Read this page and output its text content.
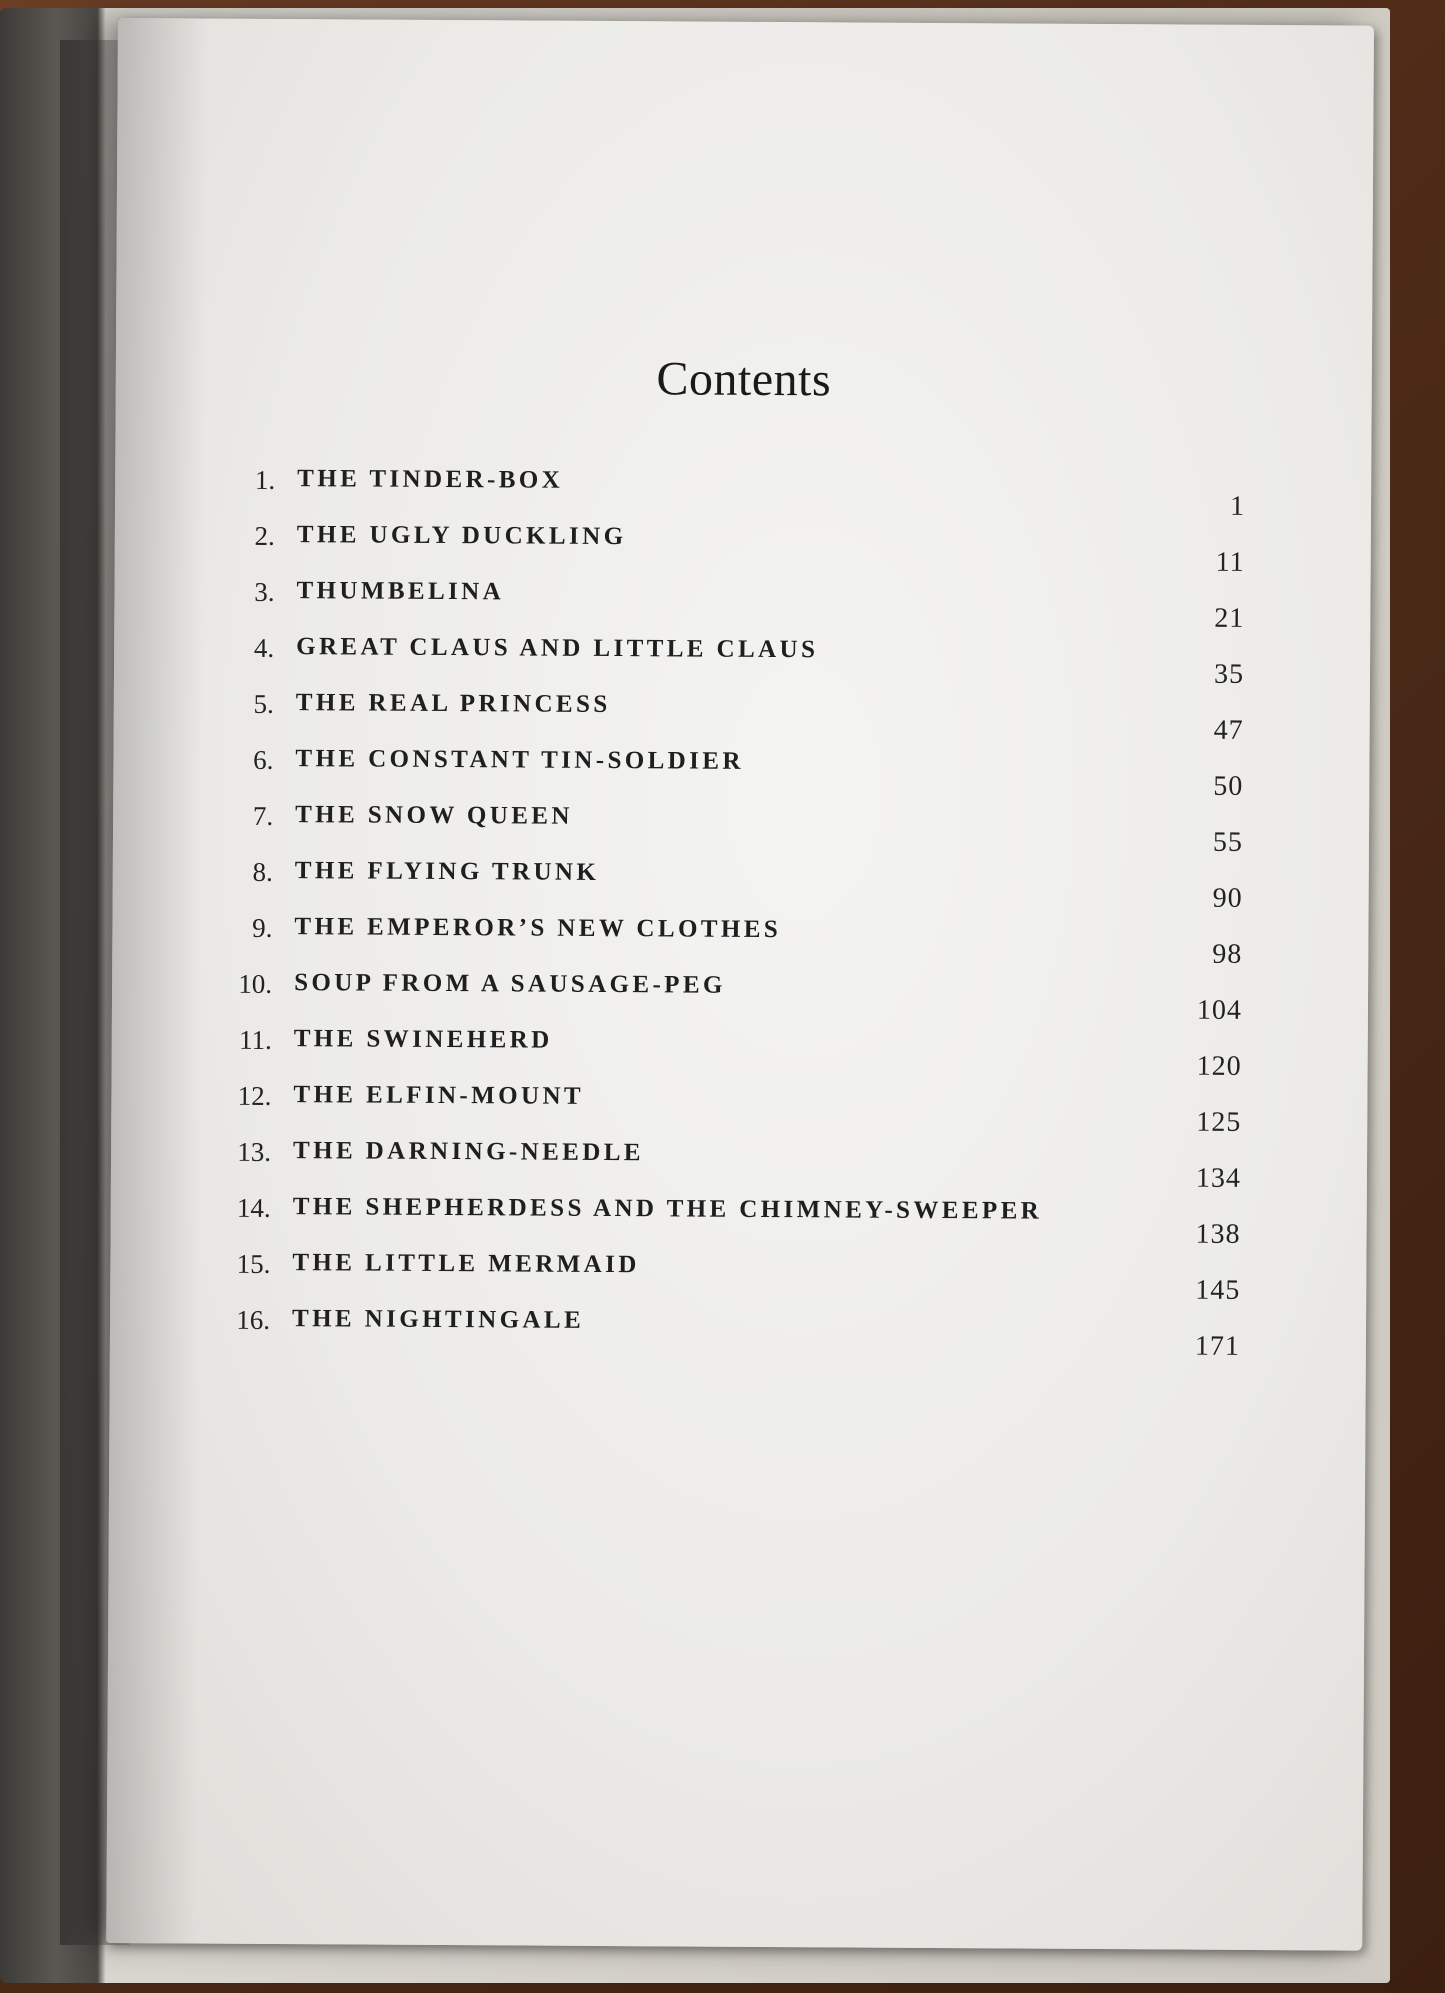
Contents
1. THE TINDER-BOX
1
2. THE UGLY DUCKLING
11
3. THUMBELINA
21
4. GREAT CLAUS AND LITTLE CLAUS
35
5. THE REAL PRINCESS
47
6. THE CONSTANT TIN-SOLDIER
50
7. THE SNOW QUEEN
55
8. THE FLYING TRUNK
90
9. THE EMPEROR’S NEW CLOTHES
98
10. SOUP FROM A SAUSAGE-PEG
104
11. THE SWINEHERD
120
12. THE ELFIN-MOUNT
125
13. THE DARNING-NEEDLE
134
14. THE SHEPHERDESS AND THE CHIMNEY-SWEEPER
138
15. THE LITTLE MERMAID
145
16. THE NIGHTINGALE
171
